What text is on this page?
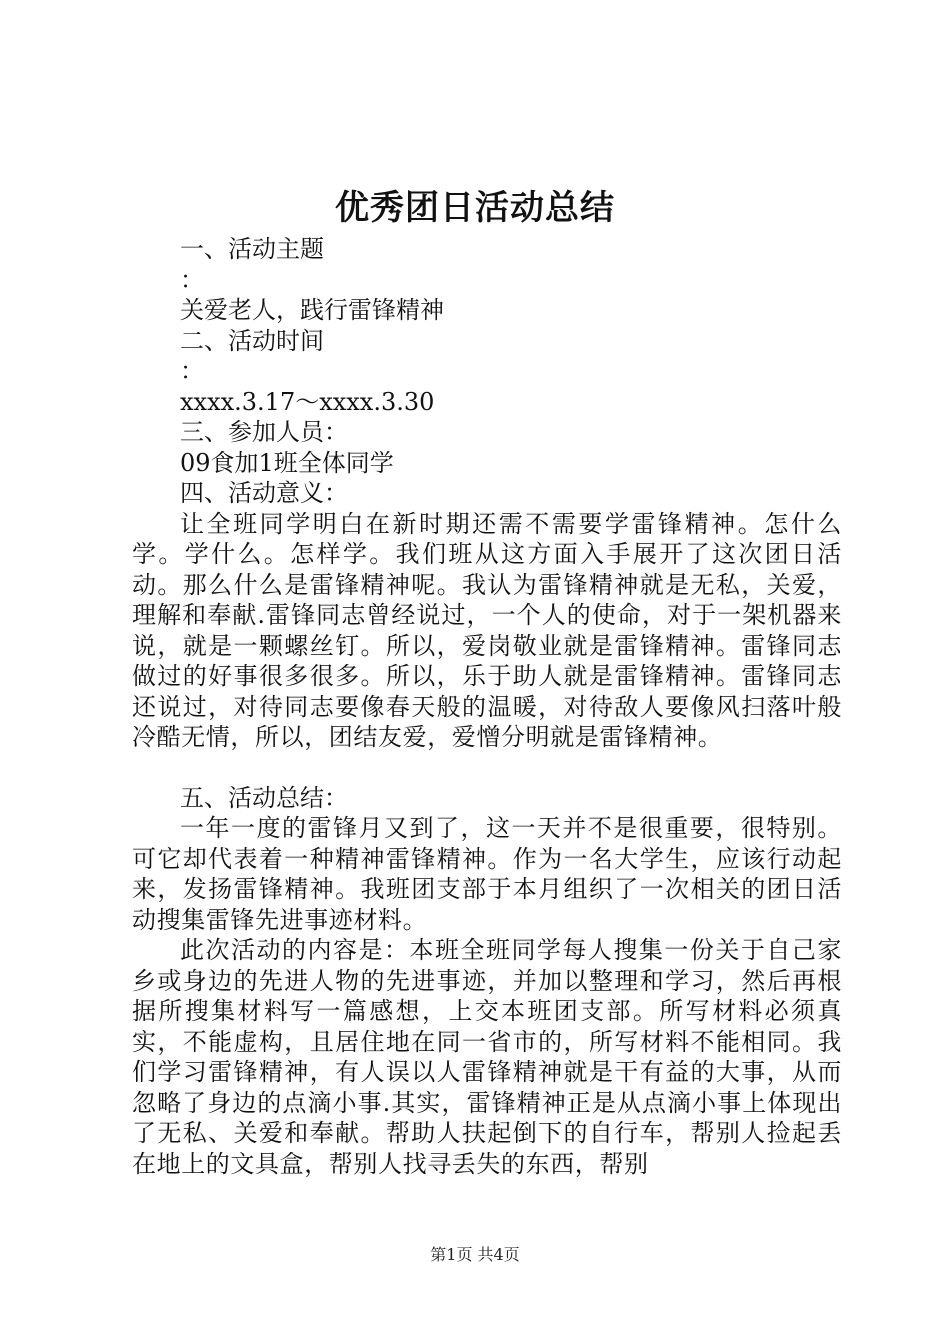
优秀团日活动总结

一、活动主题

：

关爱老人，践行雷锋精神

二、活动时间

：

xxxx.3.17～xxxx.3.30

三、参加人员：

09食加1班全体同学

四、活动意义：

让全班同学明白在新时期还需不需要学雷锋精神。怎什么学。学什么。怎样学。我们班从这方面入手展开了这次团日活动。那么什么是雷锋精神呢。我认为雷锋精神就是无私，关爱，理解和奉献.雷锋同志曾经说过，一个人的使命，对于一架机器来说，就是一颗螺丝钉。所以，爱岗敬业就是雷锋精神。雷锋同志做过的好事很多很多。所以，乐于助人就是雷锋精神。雷锋同志还说过，对待同志要像春天般的温暖，对待敌人要像风扫落叶般冷酷无情，所以，团结友爱，爱憎分明就是雷锋精神。

五、活动总结：

一年一度的雷锋月又到了，这一天并不是很重要，很特别。可它却代表着一种精神雷锋精神。作为一名大学生，应该行动起来，发扬雷锋精神。我班团支部于本月组织了一次相关的团日活动搜集雷锋先进事迹材料。

此次活动的内容是：本班全班同学每人搜集一份关于自己家乡或身边的先进人物的先进事迹，并加以整理和学习，然后再根据所搜集材料写一篇感想，上交本班团支部。所写材料必须真实，不能虚构，且居住地在同一省市的，所写材料不能相同。我们学习雷锋精神，有人误以人雷锋精神就是干有益的大事，从而忽略了身边的点滴小事.其实，雷锋精神正是从点滴小事上体现出了无私、关爱和奉献。帮助人扶起倒下的自行车，帮别人捡起丢在地上的文具盒，帮别人找寻丢失的东西，帮别

第1页 共4页
